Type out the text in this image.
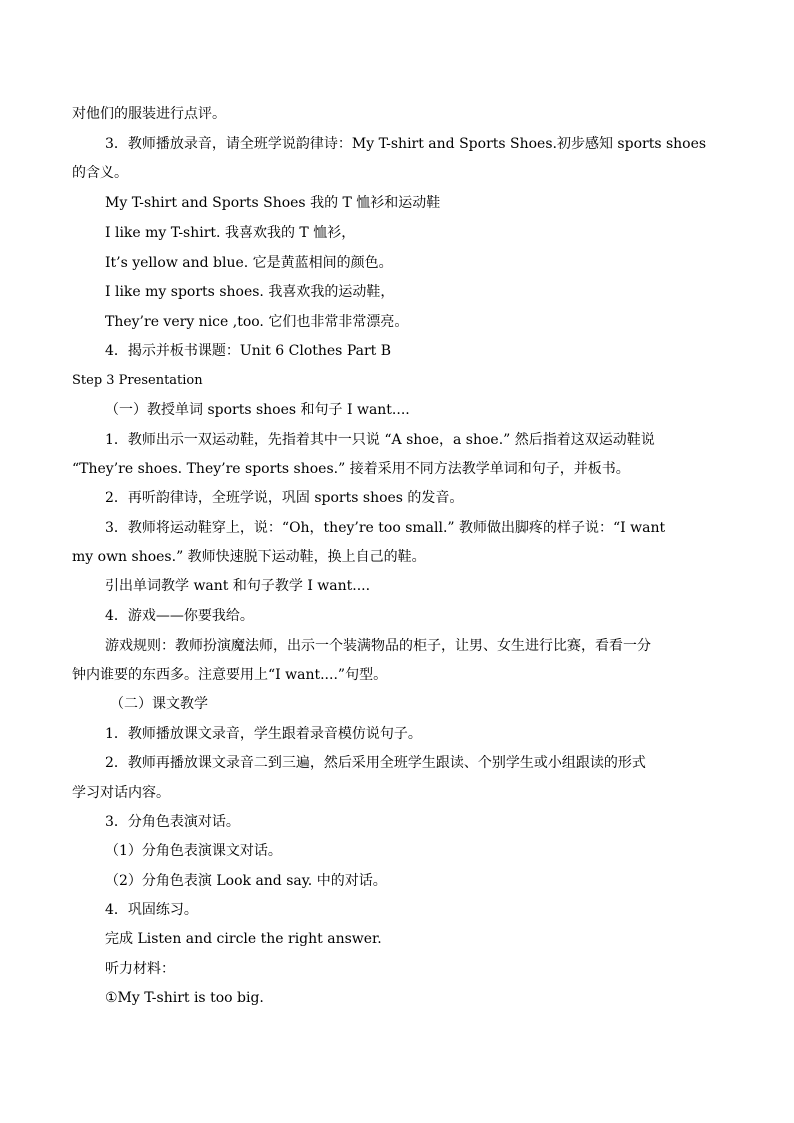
对他们的服装进行点评。
3．教师播放录音，请全班学说韵律诗：My T-shirt and Sports Shoes.初步感知 sports shoes
的含义。
My T-shirt and Sports Shoes 我的 T 恤衫和运动鞋
I like my T-shirt. 我喜欢我的 T 恤衫，
It’s yellow and blue. 它是黄蓝相间的颜色。
I like my sports shoes. 我喜欢我的运动鞋，
They’re very nice ,too. 它们也非常非常漂亮。
4．揭示并板书课题：Unit 6 Clothes Part B
Step 3 Presentation
（一）教授单词 sports shoes 和句子 I want....
1．教师出示一双运动鞋，先指着其中一只说 “A shoe，a shoe.” 然后指着这双运动鞋说
“They’re shoes. They’re sports shoes.” 接着采用不同方法教学单词和句子，并板书。
2．再听韵律诗，全班学说，巩固 sports shoes 的发音。
3．教师将运动鞋穿上，说：“Oh，they’re too small.” 教师做出脚疼的样子说：“I want
my own shoes.” 教师快速脱下运动鞋，换上自己的鞋。
引出单词教学 want 和句子教学 I want....
4．游戏——你要我给。
游戏规则：教师扮演魔法师，出示一个装满物品的柜子，让男、女生进行比赛，看看一分
钟内谁要的东西多。注意要用上“I want....”句型。
（二）课文教学
1．教师播放课文录音，学生跟着录音模仿说句子。
2．教师再播放课文录音二到三遍，然后采用全班学生跟读、个别学生或小组跟读的形式
学习对话内容。
3．分角色表演对话。
（1）分角色表演课文对话。
（2）分角色表演 Look and say. 中的对话。
4．巩固练习。
完成 Listen and circle the right answer.
听力材料：
①My T-shirt is too big.
